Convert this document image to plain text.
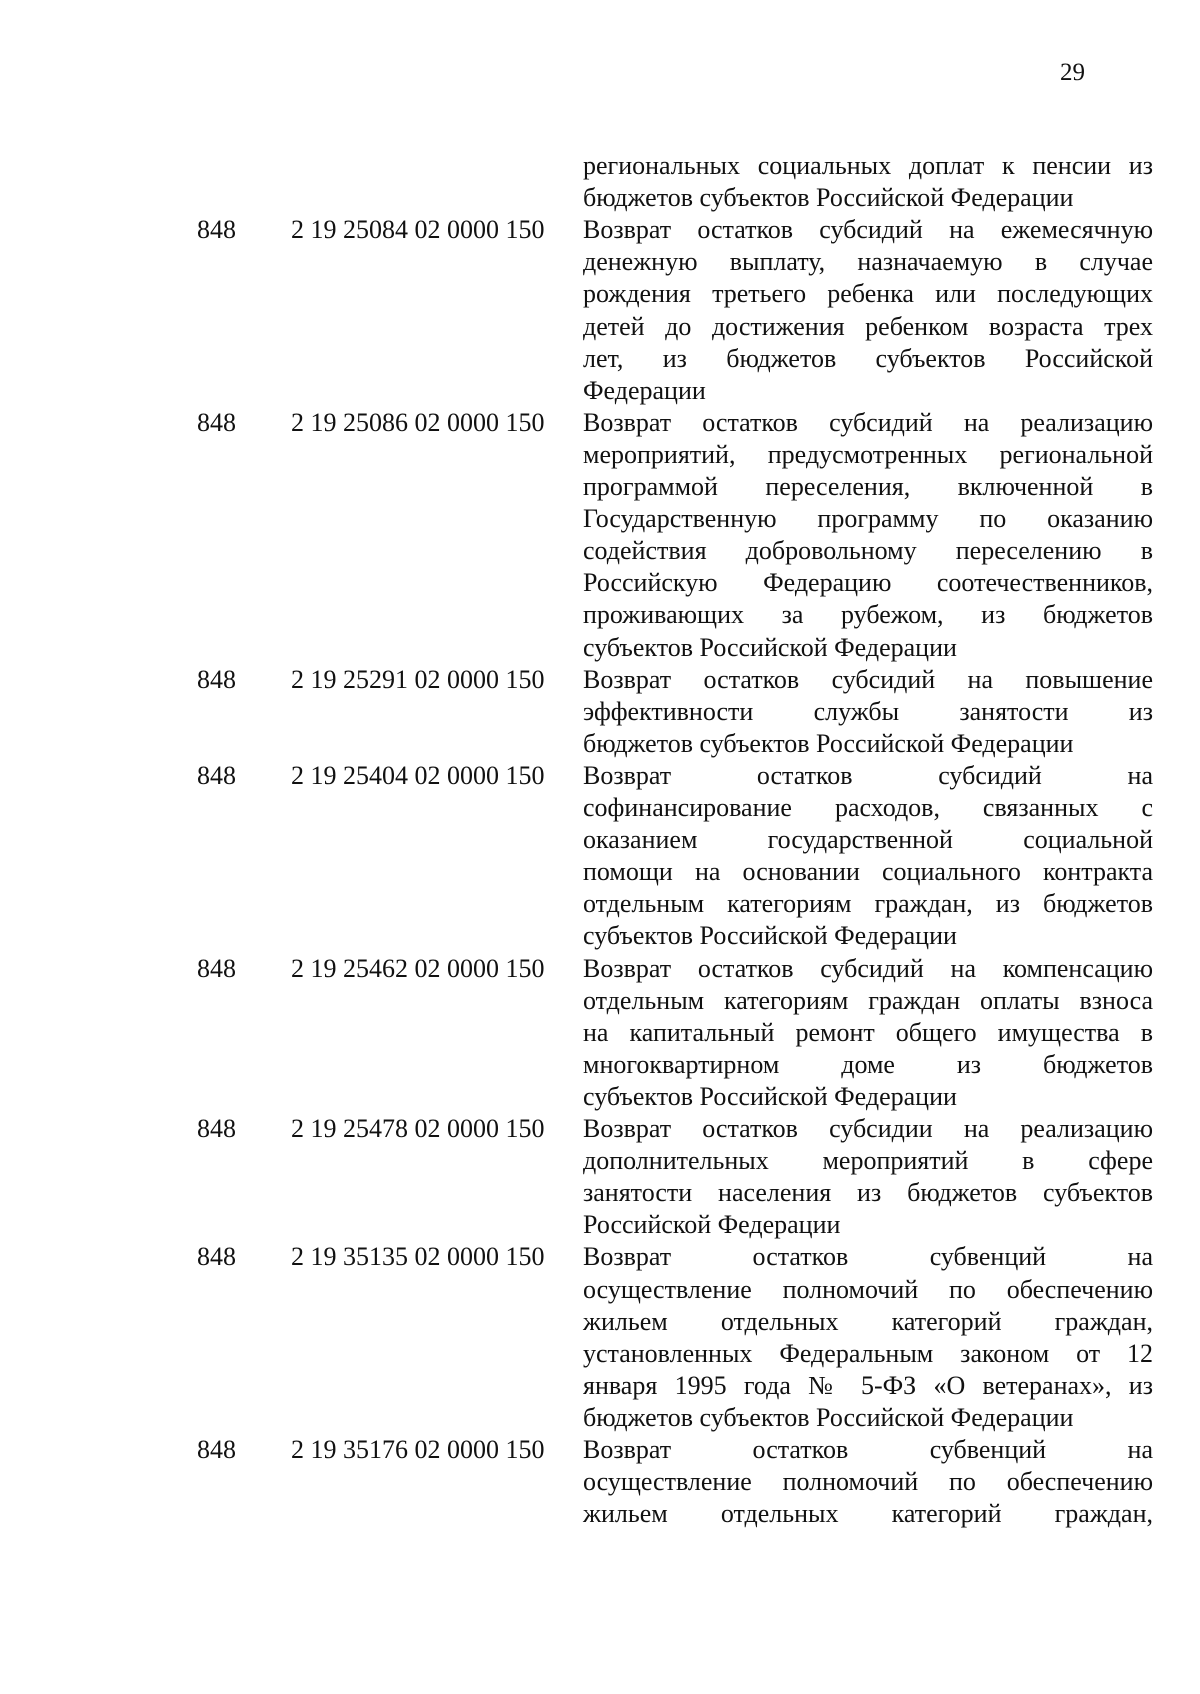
29
региональных социальных доплат к пенсии из
бюджетов субъектов Российской Федерации
848	2 19 25084 02 0000 150	Возврат остатков субсидий на ежемесячную
денежную выплату, назначаемую в случае
рождения третьего ребенка или последующих
детей до достижения ребенком возраста трех
лет, из бюджетов субъектов Российской
Федерации
848	2 19 25086 02 0000 150	Возврат остатков субсидий на реализацию
мероприятий, предусмотренных региональной
программой переселения, включенной в
Государственную программу по оказанию
содействия добровольному переселению в
Российскую Федерацию соотечественников,
проживающих за рубежом, из бюджетов
субъектов Российской Федерации
848	2 19 25291 02 0000 150	Возврат остатков субсидий на повышение
эффективности службы занятости из
бюджетов субъектов Российской Федерации
848	2 19 25404 02 0000 150	Возврат остатков субсидий на
софинансирование расходов, связанных с
оказанием государственной социальной
помощи на основании социального контракта
отдельным категориям граждан, из бюджетов
субъектов Российской Федерации
848	2 19 25462 02 0000 150	Возврат остатков субсидий на компенсацию
отдельным категориям граждан оплаты взноса
на капитальный ремонт общего имущества в
многоквартирном доме из бюджетов
субъектов Российской Федерации
848	2 19 25478 02 0000 150	Возврат остатков субсидии на реализацию
дополнительных мероприятий в сфере
занятости населения из бюджетов субъектов
Российской Федерации
848	2 19 35135 02 0000 150	Возврат остатков субвенций на
осуществление полномочий по обеспечению
жильем отдельных категорий граждан,
установленных Федеральным законом от 12
января 1995 года № 5-ФЗ «О ветеранах», из
бюджетов субъектов Российской Федерации
848	2 19 35176 02 0000 150	Возврат остатков субвенций на
осуществление полномочий по обеспечению
жильем отдельных категорий граждан,
